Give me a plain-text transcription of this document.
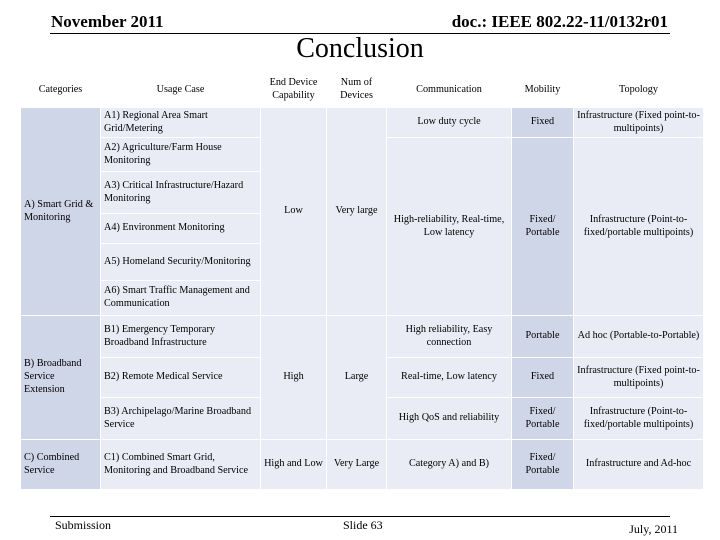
November 2011	doc.: IEEE 802.22-11/0132r01
Conclusion
Categories	Usage Case	End Device Capability	Num of Devices	Communication	Mobility	Topology
A) Smart Grid & Monitoring	A1) Regional Area Smart Grid/Metering	Low	Very large	Low duty cycle	Fixed	Infrastructure (Fixed point-to-multipoints)
	A2) Agriculture/Farm House Monitoring			High-reliability, Real-time, Low latency	Fixed/ Portable	Infrastructure (Point-to-fixed/portable multipoints)
	A3) Critical Infrastructure/Hazard Monitoring					
	A4) Environment Monitoring					
	A5) Homeland Security/Monitoring					
	A6) Smart Traffic Management and Communication					
B) Broadband Service Extension	B1) Emergency Temporary Broadband Infrastructure	High	Large	High reliability, Easy connection	Portable	Ad hoc (Portable-to-Portable)
	B2) Remote Medical Service			Real-time, Low latency	Fixed	Infrastructure (Fixed point-to-multipoints)
	B3) Archipelago/Marine Broadband Service			High QoS and reliability	Fixed/ Portable	Infrastructure (Point-to-fixed/portable multipoints)
C) Combined Service	C1) Combined Smart Grid, Monitoring and Broadband Service	High and Low	Very Large	Category A) and B)	Fixed/ Portable	Infrastructure and Ad-hoc
Submission	Slide 63	July, 2011
